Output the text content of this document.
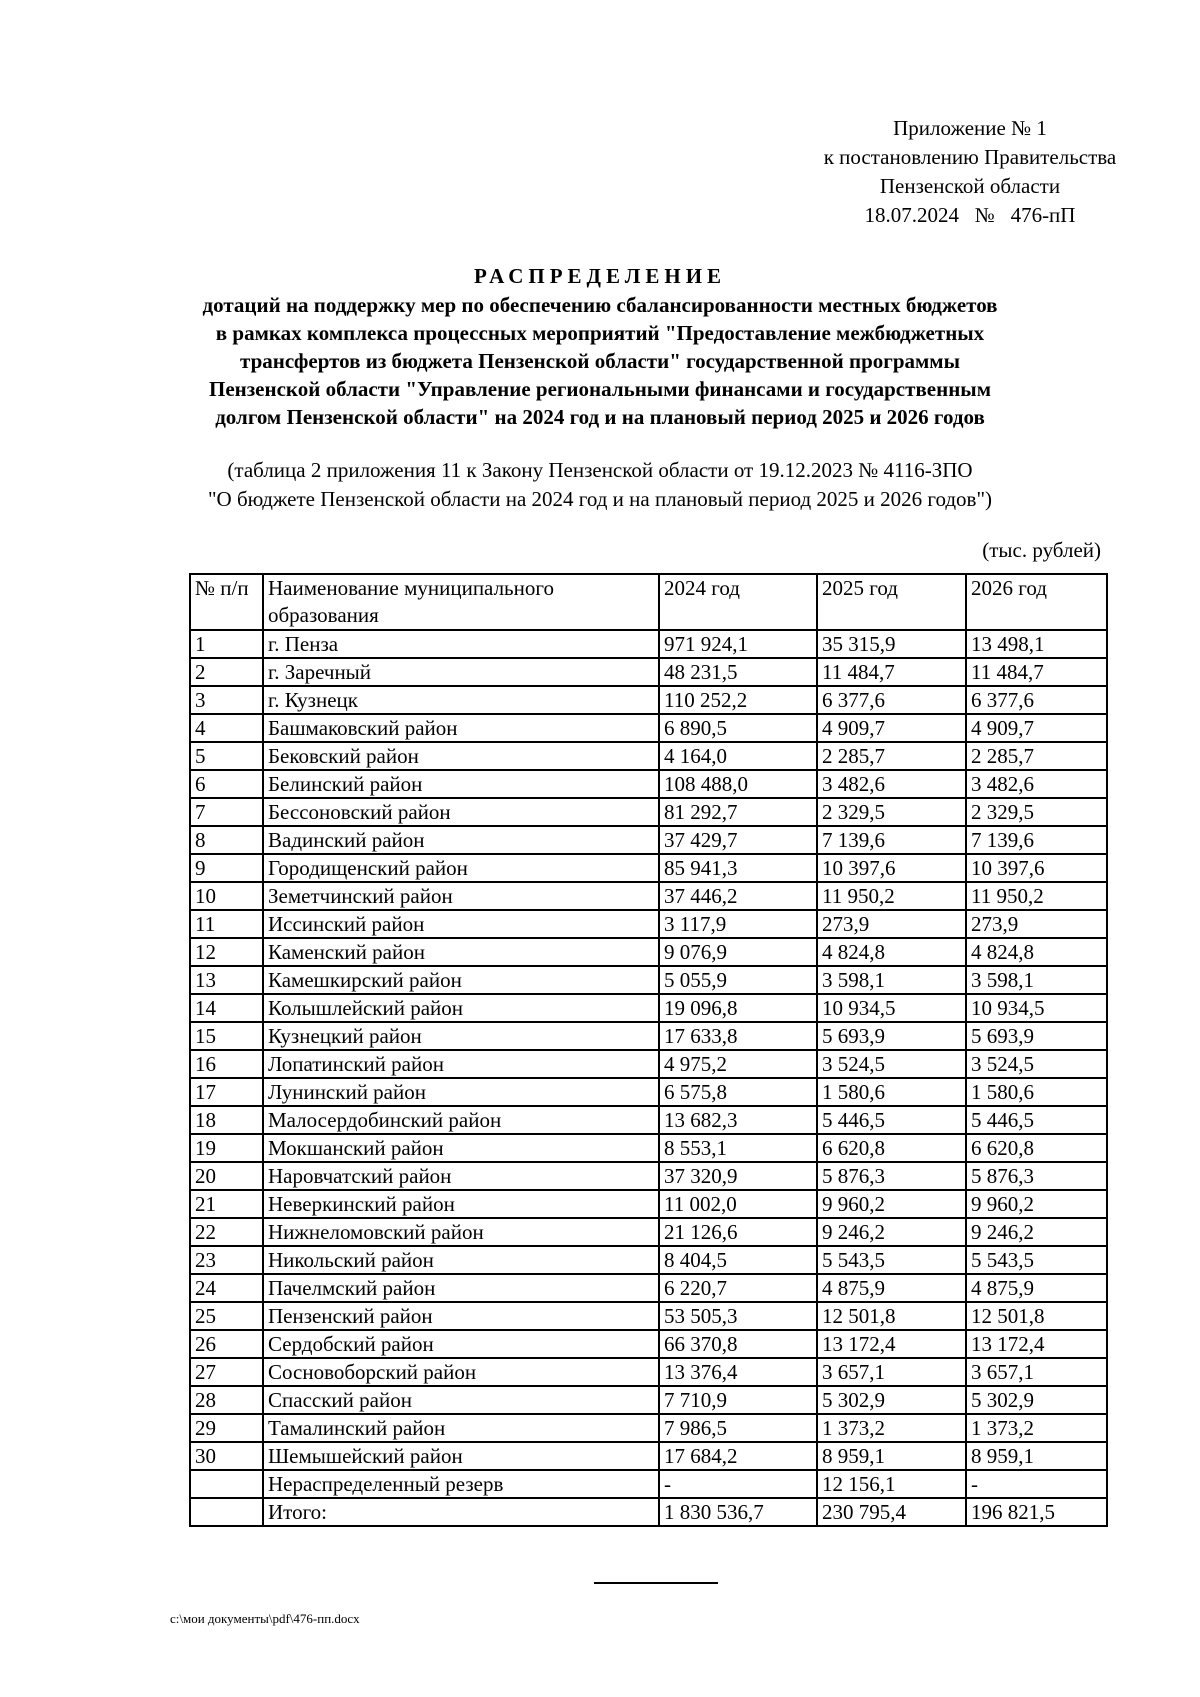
Приложение № 1
к постановлению Правительства
Пензенской области
18.07.2024   №   476-пП
РАСПРЕДЕЛЕНИЕ
дотаций на поддержку мер по обеспечению сбалансированности местных бюджетов
в рамках комплекса процессных мероприятий "Предоставление межбюджетных
трансфертов из бюджета Пензенской области" государственной программы
Пензенской области "Управление региональными финансами и государственным
долгом Пензенской области" на 2024 год и на плановый период 2025 и 2026 годов
(таблица 2 приложения 11 к Закону Пензенской области от 19.12.2023 № 4116-ЗПО
"О бюджете Пензенской области на 2024 год и на плановый период 2025 и 2026 годов")
(тыс. рублей)
№ п/п	Наименование муниципального образования	2024 год	2025 год	2026 год
1	г. Пенза	971 924,1	35 315,9	13 498,1
2	г. Заречный	48 231,5	11 484,7	11 484,7
3	г. Кузнецк	110 252,2	6 377,6	6 377,6
4	Башмаковский район	6 890,5	4 909,7	4 909,7
5	Бековский район	4 164,0	2 285,7	2 285,7
6	Белинский район	108 488,0	3 482,6	3 482,6
7	Бессоновский район	81 292,7	2 329,5	2 329,5
8	Вадинский район	37 429,7	7 139,6	7 139,6
9	Городищенский район	85 941,3	10 397,6	10 397,6
10	Земетчинский район	37 446,2	11 950,2	11 950,2
11	Иссинский район	3 117,9	273,9	273,9
12	Каменский район	9 076,9	4 824,8	4 824,8
13	Камешкирский район	5 055,9	3 598,1	3 598,1
14	Колышлейский район	19 096,8	10 934,5	10 934,5
15	Кузнецкий район	17 633,8	5 693,9	5 693,9
16	Лопатинский район	4 975,2	3 524,5	3 524,5
17	Лунинский район	6 575,8	1 580,6	1 580,6
18	Малосердобинский район	13 682,3	5 446,5	5 446,5
19	Мокшанский район	8 553,1	6 620,8	6 620,8
20	Наровчатский район	37 320,9	5 876,3	5 876,3
21	Неверкинский район	11 002,0	9 960,2	9 960,2
22	Нижнеломовский район	21 126,6	9 246,2	9 246,2
23	Никольский район	8 404,5	5 543,5	5 543,5
24	Пачелмский район	6 220,7	4 875,9	4 875,9
25	Пензенский район	53 505,3	12 501,8	12 501,8
26	Сердобский район	66 370,8	13 172,4	13 172,4
27	Сосновоборский район	13 376,4	3 657,1	3 657,1
28	Спасский район	7 710,9	5 302,9	5 302,9
29	Тамалинский район	7 986,5	1 373,2	1 373,2
30	Шемышейский район	17 684,2	8 959,1	8 959,1
	Нераспределенный резерв	-	12 156,1	-
	Итого:	1 830 536,7	230 795,4	196 821,5
c:\мои документы\pdf\476-пп.docx
